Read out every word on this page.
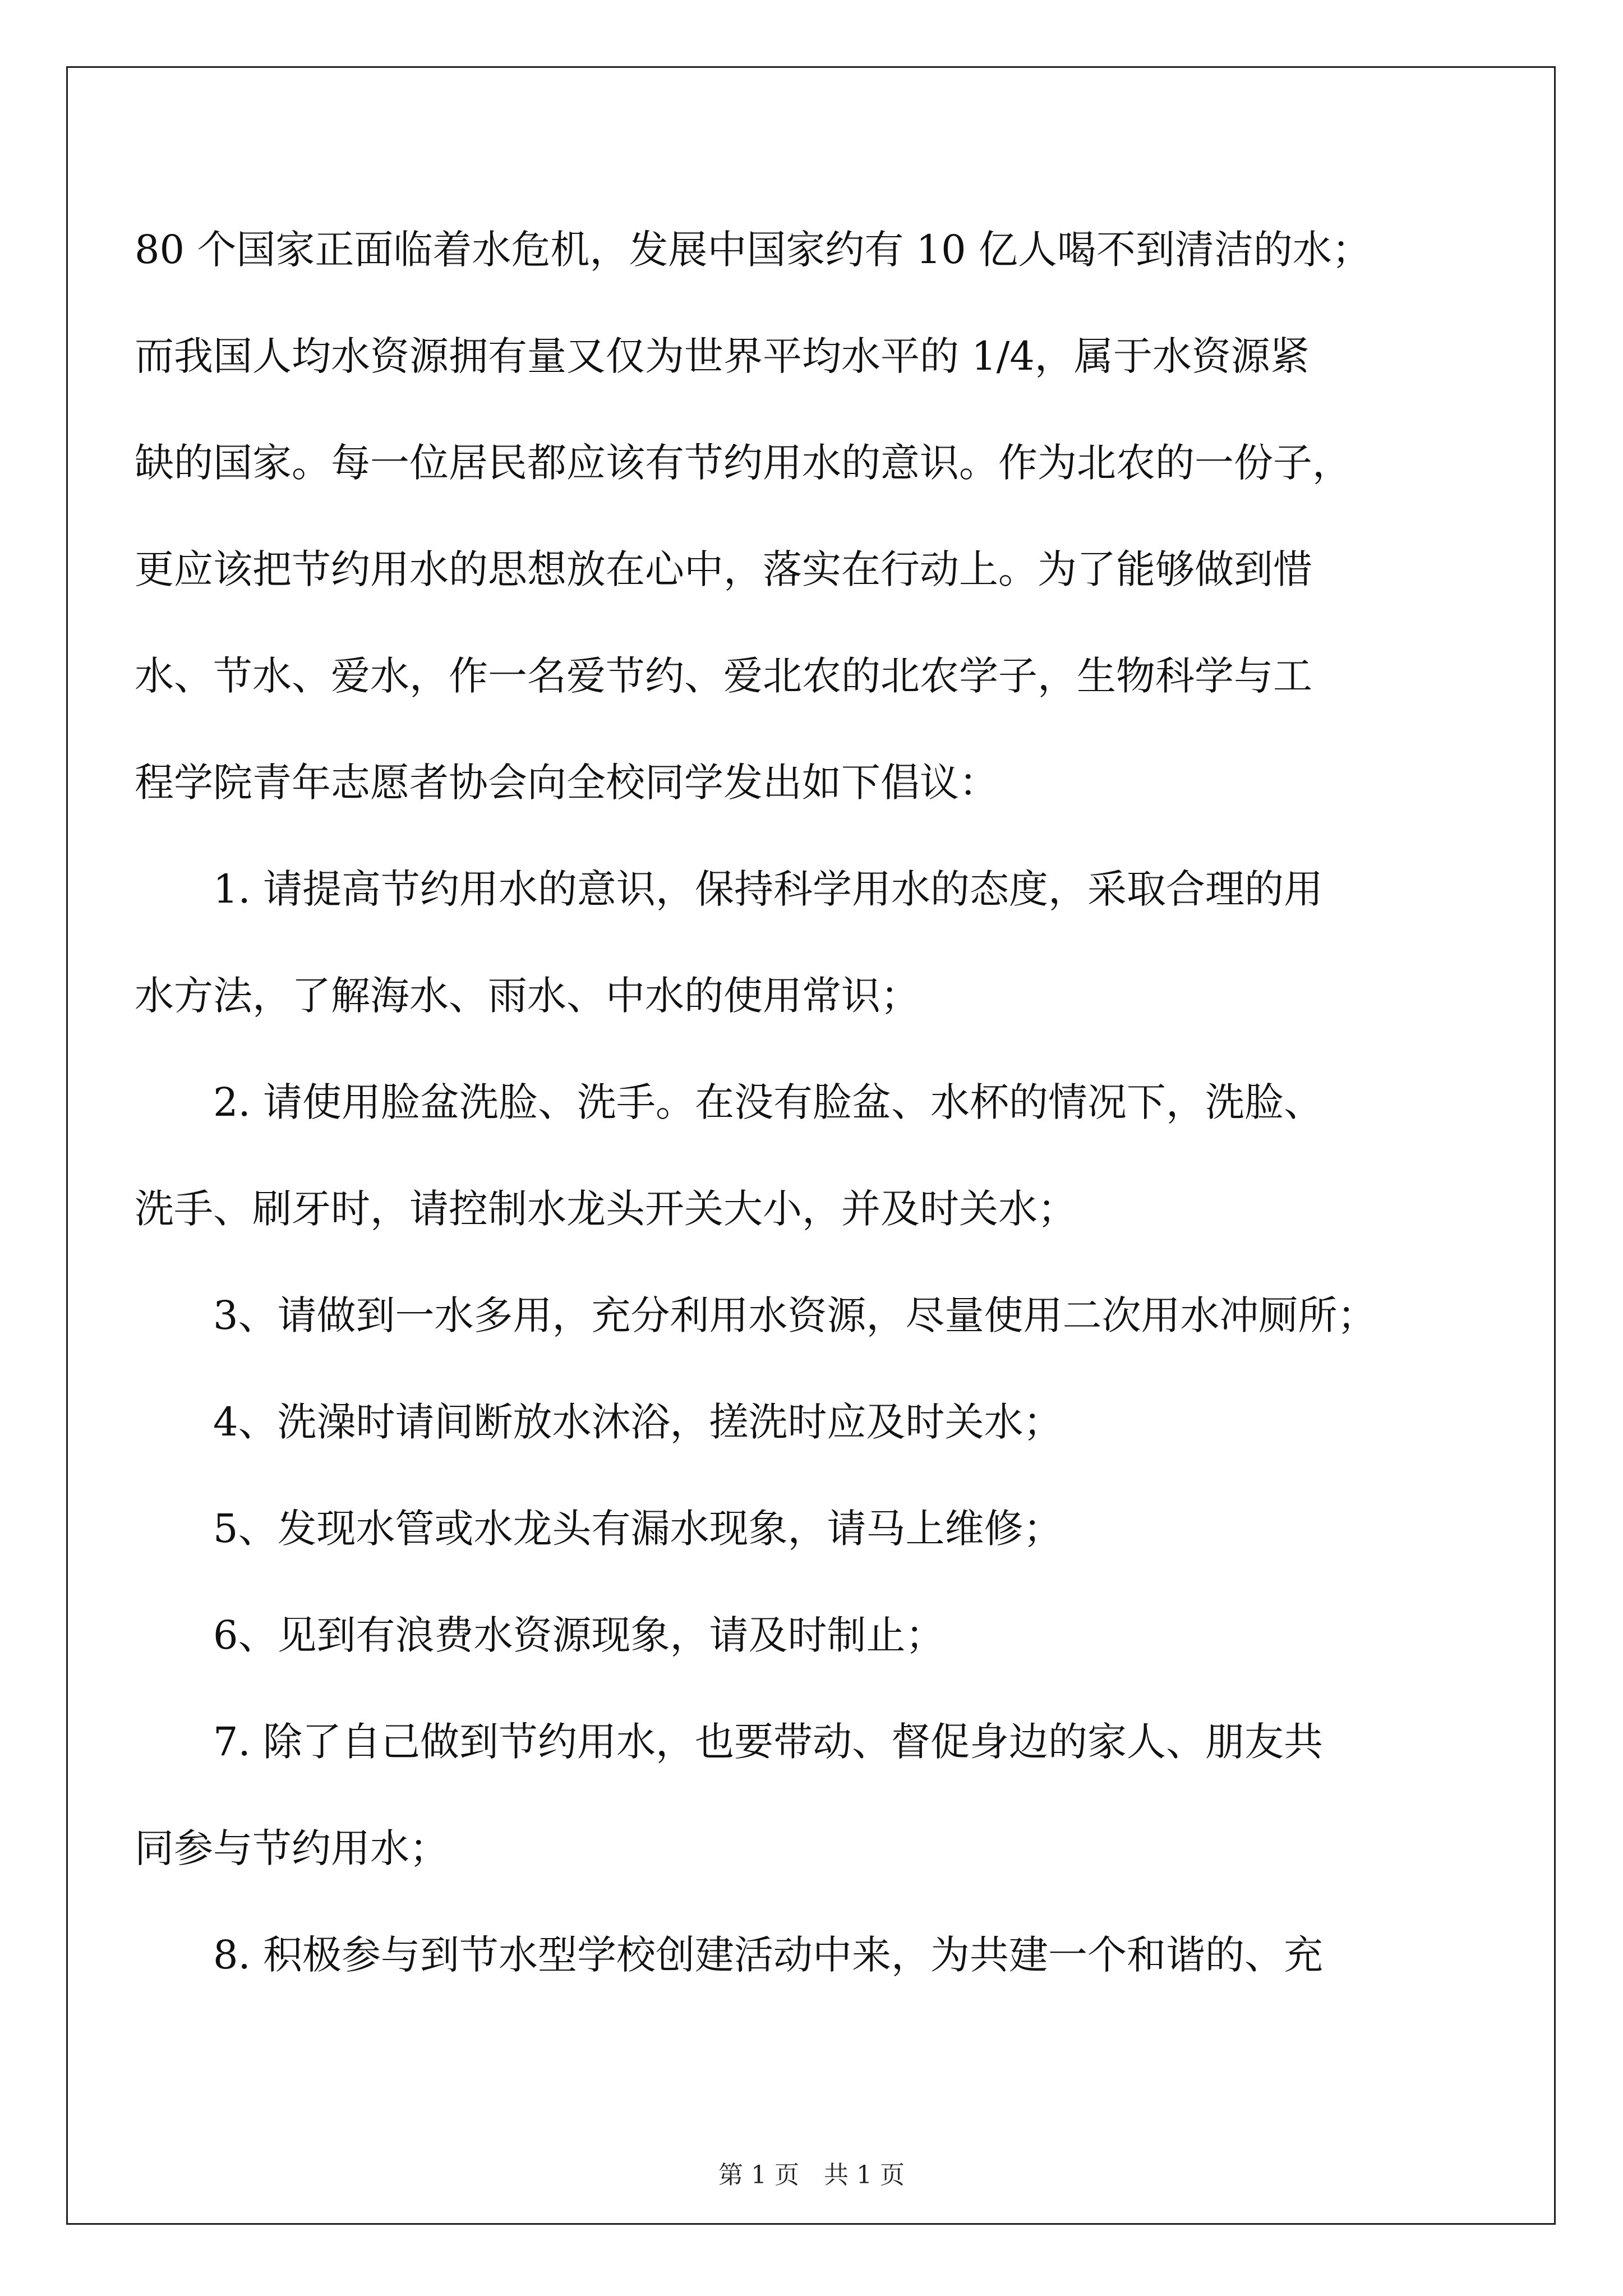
80 个国家正面临着水危机，发展中国家约有 10 亿人喝不到清洁的水；
而我国人均水资源拥有量又仅为世界平均水平的 1/4，属于水资源紧
缺的国家。每一位居民都应该有节约用水的意识。作为北农的一份子，
更应该把节约用水的思想放在心中，落实在行动上。为了能够做到惜
水、节水、爱水，作一名爱节约、爱北农的北农学子，生物科学与工
程学院青年志愿者协会向全校同学发出如下倡议：
1. 请提高节约用水的意识，保持科学用水的态度，采取合理的用
水方法，了解海水、雨水、中水的使用常识；
2. 请使用脸盆洗脸、洗手。在没有脸盆、水杯的情况下，洗脸、
洗手、刷牙时，请控制水龙头开关大小，并及时关水；
3、请做到一水多用，充分利用水资源，尽量使用二次用水冲厕所；
4、洗澡时请间断放水沐浴，搓洗时应及时关水；
5、发现水管或水龙头有漏水现象，请马上维修；
6、见到有浪费水资源现象，请及时制止；
7. 除了自己做到节约用水，也要带动、督促身边的家人、朋友共
同参与节约用水；
8. 积极参与到节水型学校创建活动中来，为共建一个和谐的、充
第 1 页 共 1 页
